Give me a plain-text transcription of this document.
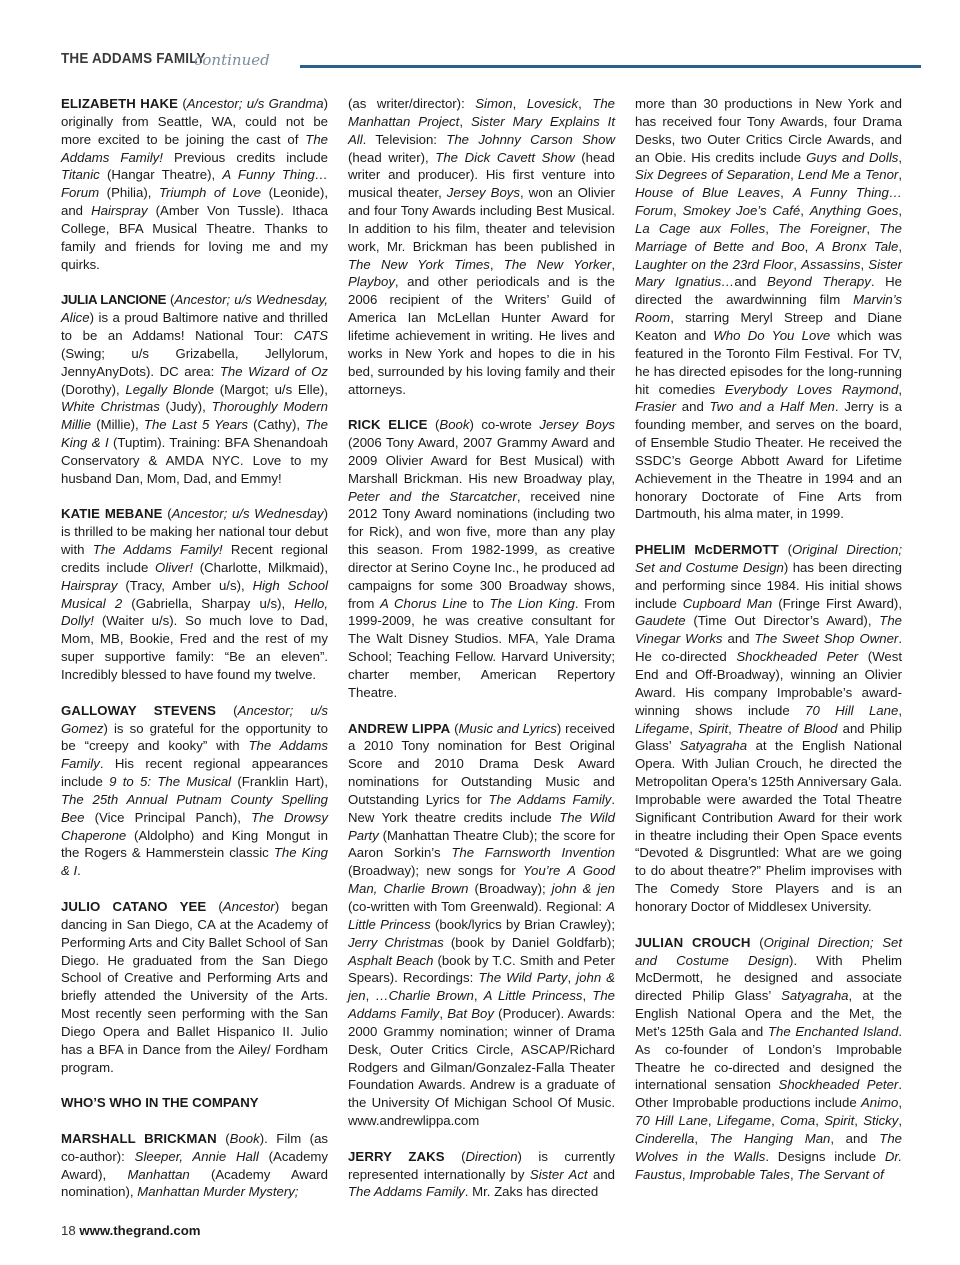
THE ADDAMS FAMILY
continued

ELIZABETH HAKE (Ancestor; u/s Grandma) originally from Seattle, WA, could not be more excited to be joining the cast of The Addams Family! Previous credits include Titanic (Hangar Theatre), A Funny Thing… Forum (Philia), Triumph of Love (Leonide), and Hairspray (Amber Von Tussle). Ithaca College, BFA Musical Theatre. Thanks to family and friends for loving me and my quirks.

JULIA LANCIONE (Ancestor; u/s Wednesday, Alice) is a proud Baltimore native and thrilled to be an Addams! National Tour: CATS (Swing; u/s Grizabella, Jellylorum, JennyAnyDots). DC area: The Wizard of Oz (Dorothy), Legally Blonde (Margot; u/s Elle), White Christmas (Judy), Thoroughly Modern Millie (Millie), The Last 5 Years (Cathy), The King & I (Tuptim). Training: BFA Shenandoah Conservatory & AMDA NYC. Love to my husband Dan, Mom, Dad, and Emmy!

KATIE MEBANE (Ancestor; u/s Wednesday) is thrilled to be making her national tour debut with The Addams Family! Recent regional credits include Oliver! (Charlotte, Milkmaid), Hairspray (Tracy, Amber u/s), High School Musical 2 (Gabriella, Sharpay u/s), Hello, Dolly! (Waiter u/s). So much love to Dad, Mom, MB, Bookie, Fred and the rest of my super supportive family: “Be an eleven”. Incredibly blessed to have found my twelve.

GALLOWAY STEVENS (Ancestor; u/s Gomez) is so grateful for the opportunity to be “creepy and kooky” with The Addams Family. His recent regional appearances include 9 to 5: The Musical (Franklin Hart), The 25th Annual Putnam County Spelling Bee (Vice Principal Panch), The Drowsy Chaperone (Aldolpho) and King Mongut in the Rogers & Hammerstein classic The King & I.

JULIO CATANO YEE (Ancestor) began dancing in San Diego, CA at the Academy of Performing Arts and City Ballet School of San Diego. He graduated from the San Diego School of Creative and Performing Arts and briefly attended the University of the Arts. Most recently seen performing with the San Diego Opera and Ballet Hispanico II. Julio has a BFA in Dance from the Ailey/ Fordham program.

WHO’S WHO IN THE COMPANY

MARSHALL BRICKMAN (Book). Film (as co-author): Sleeper, Annie Hall (Academy Award), Manhattan (Academy Award nomination), Manhattan Murder Mystery;

(as writer/director): Simon, Lovesick, The Manhattan Project, Sister Mary Explains It All. Television: The Johnny Carson Show (head writer), The Dick Cavett Show (head writer and producer). His first venture into musical theater, Jersey Boys, won an Olivier and four Tony Awards including Best Musical. In addition to his film, theater and television work, Mr. Brickman has been published in The New York Times, The New Yorker, Playboy, and other periodicals and is the 2006 recipient of the Writers’ Guild of America Ian McLellan Hunter Award for lifetime achievement in writing. He lives and works in New York and hopes to die in his bed, surrounded by his loving family and their attorneys.

RICK ELICE (Book) co-wrote Jersey Boys (2006 Tony Award, 2007 Grammy Award and 2009 Olivier Award for Best Musical) with Marshall Brickman. His new Broadway play, Peter and the Starcatcher, received nine 2012 Tony Award nominations (including two for Rick), and won five, more than any play this season. From 1982-1999, as creative director at Serino Coyne Inc., he produced ad campaigns for some 300 Broadway shows, from A Chorus Line to The Lion King. From 1999-2009, he was creative consultant for The Walt Disney Studios. MFA, Yale Drama School; Teaching Fellow. Harvard University; charter member, American Repertory Theatre.

ANDREW LIPPA (Music and Lyrics) received a 2010 Tony nomination for Best Original Score and 2010 Drama Desk Award nominations for Outstanding Music and Outstanding Lyrics for The Addams Family. New York theatre credits include The Wild Party (Manhattan Theatre Club); the score for Aaron Sorkin’s The Farnsworth Invention (Broadway); new songs for You’re A Good Man, Charlie Brown (Broadway); john & jen (co-written with Tom Greenwald). Regional: A Little Princess (book/lyrics by Brian Crawley); Jerry Christmas (book by Daniel Goldfarb); Asphalt Beach (book by T.C. Smith and Peter Spears). Recordings: The Wild Party, john & jen, …Charlie Brown, A Little Princess, The Addams Family, Bat Boy (Producer). Awards: 2000 Grammy nomination; winner of Drama Desk, Outer Critics Circle, ASCAP/Richard Rodgers and Gilman/Gonzalez-Falla Theater Foundation Awards. Andrew is a graduate of the University Of Michigan School Of Music. www.andrewlippa.com

JERRY ZAKS (Direction) is currently represented internationally by Sister Act and The Addams Family. Mr. Zaks has directed

more than 30 productions in New York and has received four Tony Awards, four Drama Desks, two Outer Critics Circle Awards, and an Obie. His credits include Guys and Dolls, Six Degrees of Separation, Lend Me a Tenor, House of Blue Leaves, A Funny Thing…Forum, Smokey Joe’s Café, Anything Goes, La Cage aux Folles, The Foreigner, The Marriage of Bette and Boo, A Bronx Tale, Laughter on the 23rd Floor, Assassins, Sister Mary Ignatius…and Beyond Therapy. He directed the awardwinning film Marvin’s Room, starring Meryl Streep and Diane Keaton and Who Do You Love which was featured in the Toronto Film Festival. For TV, he has directed episodes for the long-running hit comedies Everybody Loves Raymond, Frasier and Two and a Half Men. Jerry is a founding member, and serves on the board, of Ensemble Studio Theater. He received the SSDC’s George Abbott Award for Lifetime Achievement in the Theatre in 1994 and an honorary Doctorate of Fine Arts from Dartmouth, his alma mater, in 1999.

PHELIM McDERMOTT (Original Direction; Set and Costume Design) has been directing and performing since 1984. His initial shows include Cupboard Man (Fringe First Award), Gaudete (Time Out Director’s Award), The Vinegar Works and The Sweet Shop Owner. He co-directed Shockheaded Peter (West End and Off-Broadway), winning an Olivier Award. His company Improbable’s award-winning shows include 70 Hill Lane, Lifegame, Spirit, Theatre of Blood and Philip Glass’ Satyagraha at the English National Opera. With Julian Crouch, he directed the Metropolitan Opera’s 125th Anniversary Gala. Improbable were awarded the Total Theatre Significant Contribution Award for their work in theatre including their Open Space events “Devoted & Disgruntled: What are we going to do about theatre?” Phelim improvises with The Comedy Store Players and is an honorary Doctor of Middlesex University.

JULIAN CROUCH (Original Direction; Set and Costume Design). With Phelim McDermott, he designed and associate directed Philip Glass’ Satyagraha, at the English National Opera and the Met, the Met’s 125th Gala and The Enchanted Island. As co-founder of London’s Improbable Theatre he co-directed and designed the international sensation Shockheaded Peter. Other Improbable productions include Animo, 70 Hill Lane, Lifegame, Coma, Spirit, Sticky, Cinderella, The Hanging Man, and The Wolves in the Walls. Designs include Dr. Faustus, Improbable Tales, The Servant of

18 www.thegrand.com
